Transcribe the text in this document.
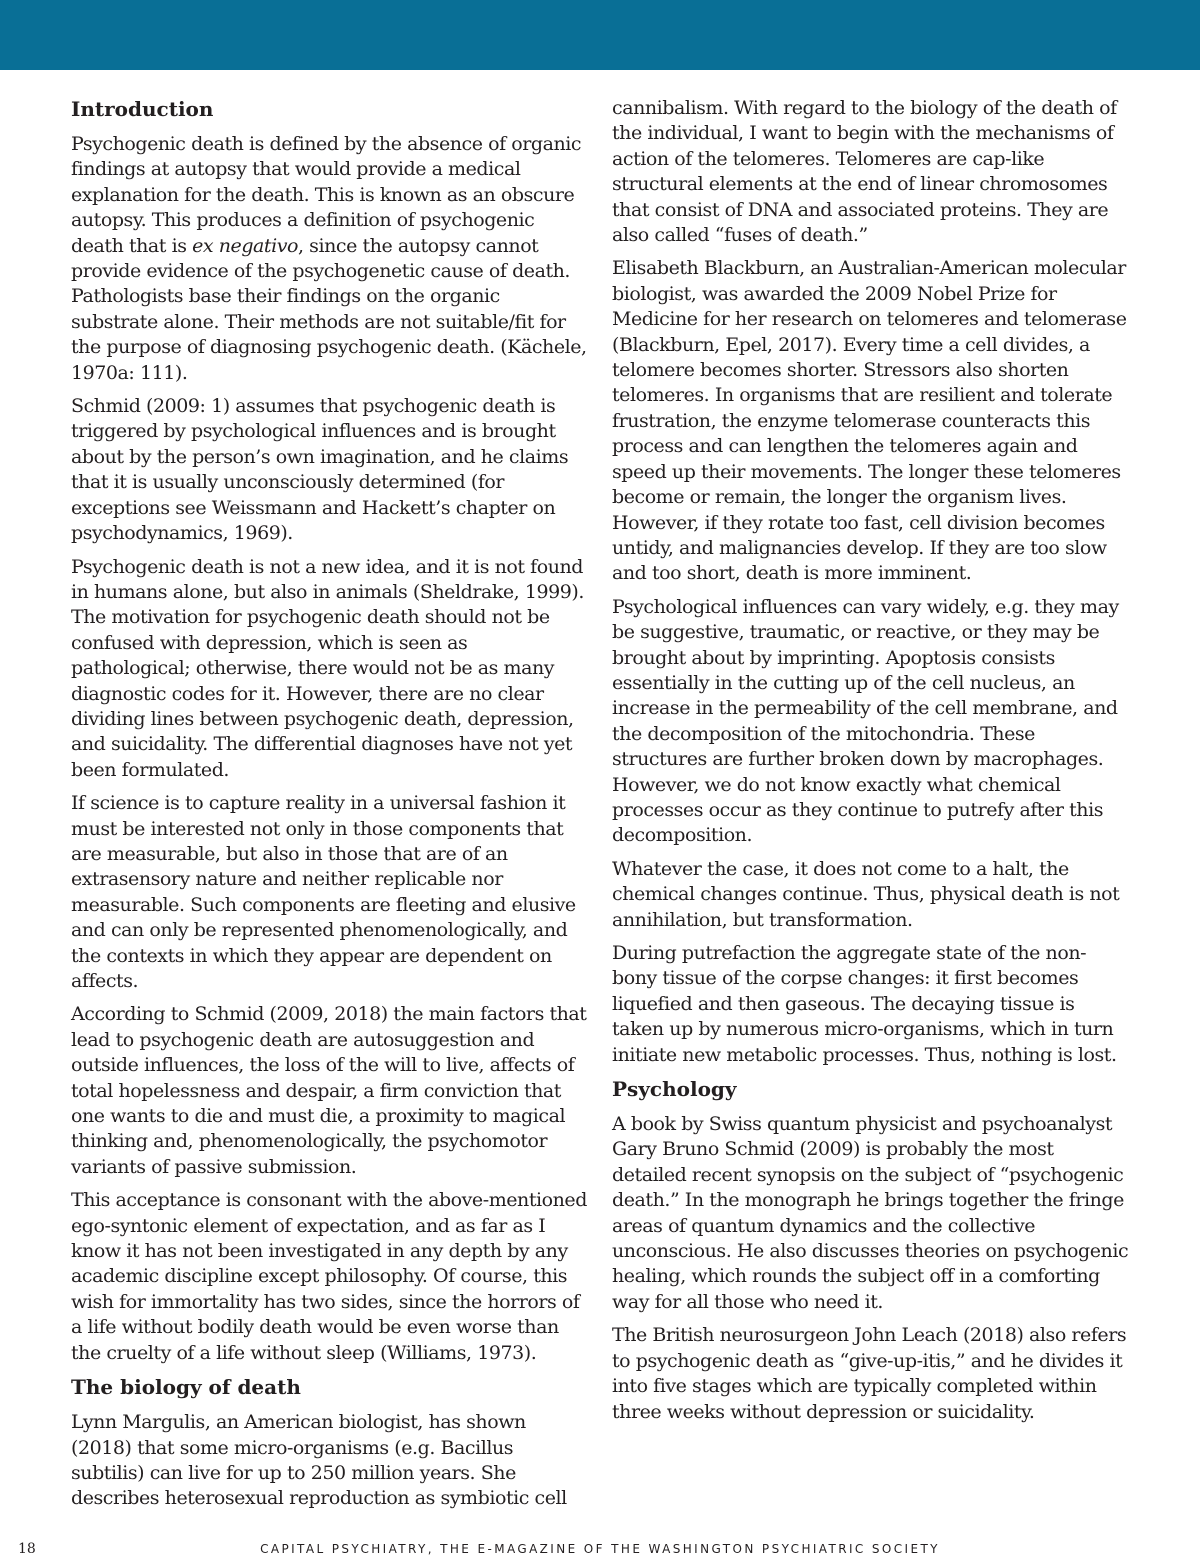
Introduction

Psychogenic death is defined by the absence of organic findings at autopsy that would provide a medical explanation for the death. This is known as an obscure autopsy. This produces a definition of psychogenic death that is ex negativo, since the autopsy cannot provide evidence of the psychogenetic cause of death. Pathologists base their findings on the organic substrate alone. Their methods are not suitable/fit for the purpose of diagnosing psychogenic death. (Kächele, 1970a: 111).

Schmid (2009: 1) assumes that psychogenic death is triggered by psychological influences and is brought about by the person’s own imagination, and he claims that it is usually unconsciously determined (for exceptions see Weissmann and Hackett’s chapter on psychodynamics, 1969).

Psychogenic death is not a new idea, and it is not found in humans alone, but also in animals (Sheldrake, 1999). The motivation for psychogenic death should not be confused with depression, which is seen as pathological; otherwise, there would not be as many diagnostic codes for it. However, there are no clear dividing lines between psychogenic death, depression, and suicidality. The differential diagnoses have not yet been formulated.

If science is to capture reality in a universal fashion it must be interested not only in those components that are measurable, but also in those that are of an extrasensory nature and neither replicable nor measurable. Such components are fleeting and elusive and can only be represented phenomenologically, and the contexts in which they appear are dependent on affects.

According to Schmid (2009, 2018) the main factors that lead to psychogenic death are autosuggestion and outside influences, the loss of the will to live, affects of total hopelessness and despair, a firm conviction that one wants to die and must die, a proximity to magical thinking and, phenomenologically, the psychomotor variants of passive submission.

This acceptance is consonant with the above-mentioned ego-syntonic element of expectation, and as far as I know it has not been investigated in any depth by any academic discipline except philosophy. Of course, this wish for immortality has two sides, since the horrors of a life without bodily death would be even worse than the cruelty of a life without sleep (Williams, 1973).

The biology of death

Lynn Margulis, an American biologist, has shown (2018) that some micro-organisms (e.g. Bacillus subtilis) can live for up to 250 million years. She describes heterosexual reproduction as symbiotic cell

cannibalism. With regard to the biology of the death of the individual, I want to begin with the mechanisms of action of the telomeres. Telomeres are cap-like structural elements at the end of linear chromosomes that consist of DNA and associated proteins. They are also called “fuses of death.”

Elisabeth Blackburn, an Australian-American molecular biologist, was awarded the 2009 Nobel Prize for Medicine for her research on telomeres and telomerase (Blackburn, Epel, 2017). Every time a cell divides, a telomere becomes shorter. Stressors also shorten telomeres. In organisms that are resilient and tolerate frustration, the enzyme telomerase counteracts this process and can lengthen the telomeres again and speed up their movements. The longer these telomeres become or remain, the longer the organism lives. However, if they rotate too fast, cell division becomes untidy, and malignancies develop. If they are too slow and too short, death is more imminent.

Psychological influences can vary widely, e.g. they may be suggestive, traumatic, or reactive, or they may be brought about by imprinting. Apoptosis consists essentially in the cutting up of the cell nucleus, an increase in the permeability of the cell membrane, and the decomposition of the mitochondria. These structures are further broken down by macrophages. However, we do not know exactly what chemical processes occur as they continue to putrefy after this decomposition.

Whatever the case, it does not come to a halt, the chemical changes continue. Thus, physical death is not annihilation, but transformation.

During putrefaction the aggregate state of the non-bony tissue of the corpse changes: it first becomes liquefied and then gaseous. The decaying tissue is taken up by numerous micro-organisms, which in turn initiate new metabolic processes. Thus, nothing is lost.

Psychology

A book by Swiss quantum physicist and psychoanalyst Gary Bruno Schmid (2009) is probably the most detailed recent synopsis on the subject of “psychogenic death.” In the monograph he brings together the fringe areas of quantum dynamics and the collective unconscious. He also discusses theories on psychogenic healing, which rounds the subject off in a comforting way for all those who need it.

The British neurosurgeon John Leach (2018) also refers to psychogenic death as “give-up-itis,” and he divides it into five stages which are typically completed within three weeks without depression or suicidality.

18	CAPITAL PSYCHIATRY, THE E-MAGAZINE OF THE WASHINGTON PSYCHIATRIC SOCIETY
